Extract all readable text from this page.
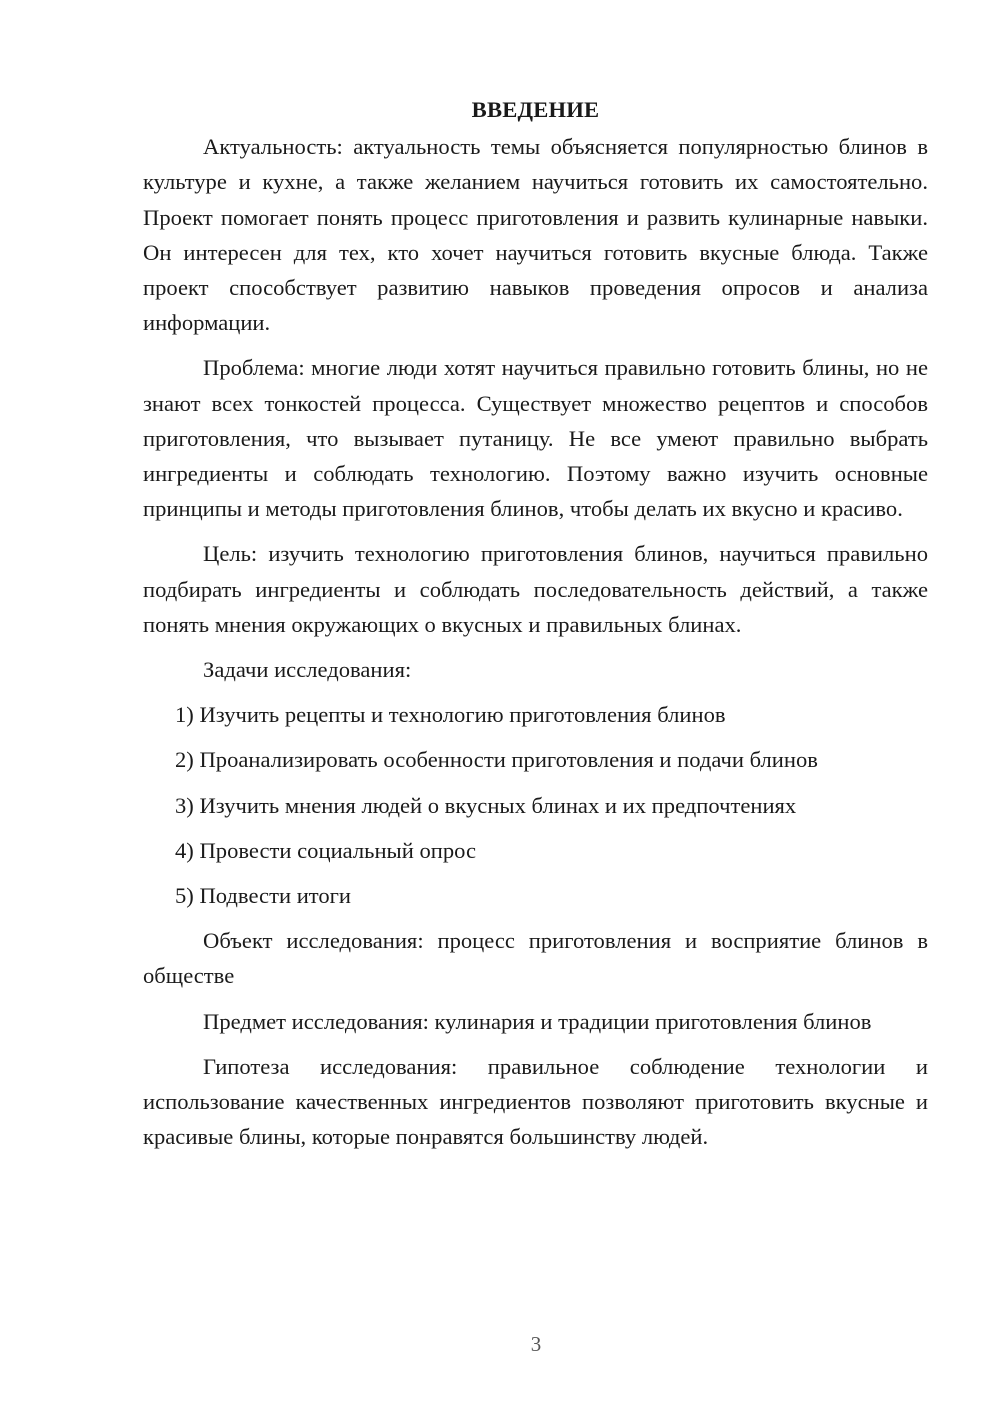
ВВЕДЕНИЕ

Актуальность: актуальность темы объясняется популярностью блинов в культуре и кухне, а также желанием научиться готовить их самостоятельно. Проект помогает понять процесс приготовления и развить кулинарные навыки. Он интересен для тех, кто хочет научиться готовить вкусные блюда. Также проект способствует развитию навыков проведения опросов и анализа информации.

Проблема: многие люди хотят научиться правильно готовить блины, но не знают всех тонкостей процесса. Существует множество рецептов и способов приготовления, что вызывает путаницу. Не все умеют правильно выбрать ингредиенты и соблюдать технологию. Поэтому важно изучить основные принципы и методы приготовления блинов, чтобы делать их вкусно и красиво.

Цель: изучить технологию приготовления блинов, научиться правильно подбирать ингредиенты и соблюдать последовательность действий, а также понять мнения окружающих о вкусных и правильных блинах.

Задачи исследования:
1) Изучить рецепты и технологию приготовления блинов
2) Проанализировать особенности приготовления и подачи блинов
3) Изучить мнения людей о вкусных блинах и их предпочтениях
4) Провести социальный опрос
5) Подвести итоги

Объект исследования: процесс приготовления и восприятие блинов в обществе

Предмет исследования: кулинария и традиции приготовления блинов

Гипотеза исследования: правильное соблюдение технологии и использование качественных ингредиентов позволяют приготовить вкусные и красивые блины, которые понравятся большинству людей.

3
